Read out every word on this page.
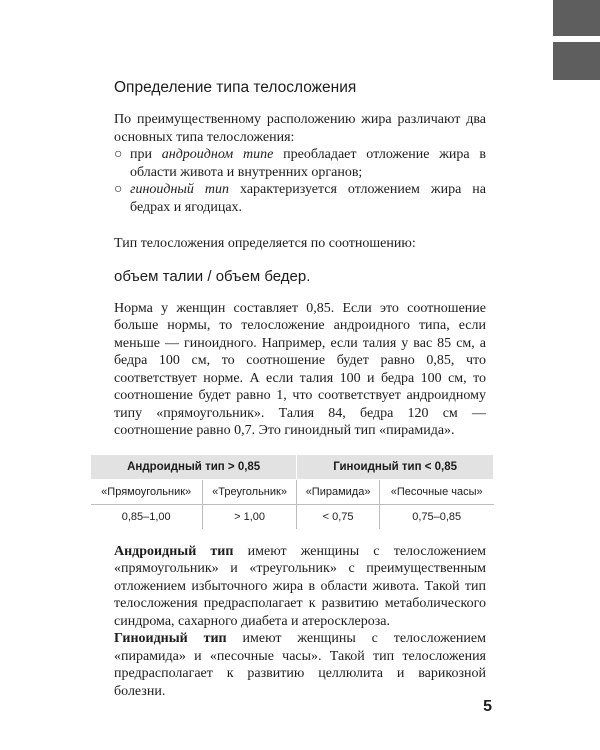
Определение типа телосложения

По преимущественному расположению жира различают два основных типа телосложения:

○ при андроидном типе преобладает отложение жира в области живота и внутренних органов;
○ гиноидный тип характеризуется отложением жира на бедрах и ягодицах.

Тип телосложения определяется по соотношению:

объем талии / объем бедер.

Норма у женщин составляет 0,85. Если это соотношение больше нормы, то телосложение андроидного типа, если меньше — гиноидного. Например, если талия у вас 85 см, а бедра 100 см, то соотношение будет равно 0,85, что соответствует норме. А если талия 100 и бедра 100 см, то соотношение будет равно 1, что соответствует андроидному типу «прямоугольник». Талия 84, бедра 120 см — соотношение равно 0,7. Это гиноидный тип «пирамида».

Андроидный тип > 0,85		Гиноидный тип < 0,85	
«Прямоугольник»	«Треугольник»	«Пирамида»	«Песочные часы»
0,85–1,00	> 1,00	< 0,75	0,75–0,85

Андроидный тип имеют женщины с телосложением «прямоугольник» и «треугольник» с преимущественным отложением избыточного жира в области живота. Такой тип телосложения предрасполагает к развитию метаболического синдрома, сахарного диабета и атеросклероза.

Гиноидный тип имеют женщины с телосложением «пирамида» и «песочные часы». Такой тип телосложения предрасполагает к развитию целлюлита и варикозной болезни.

5
